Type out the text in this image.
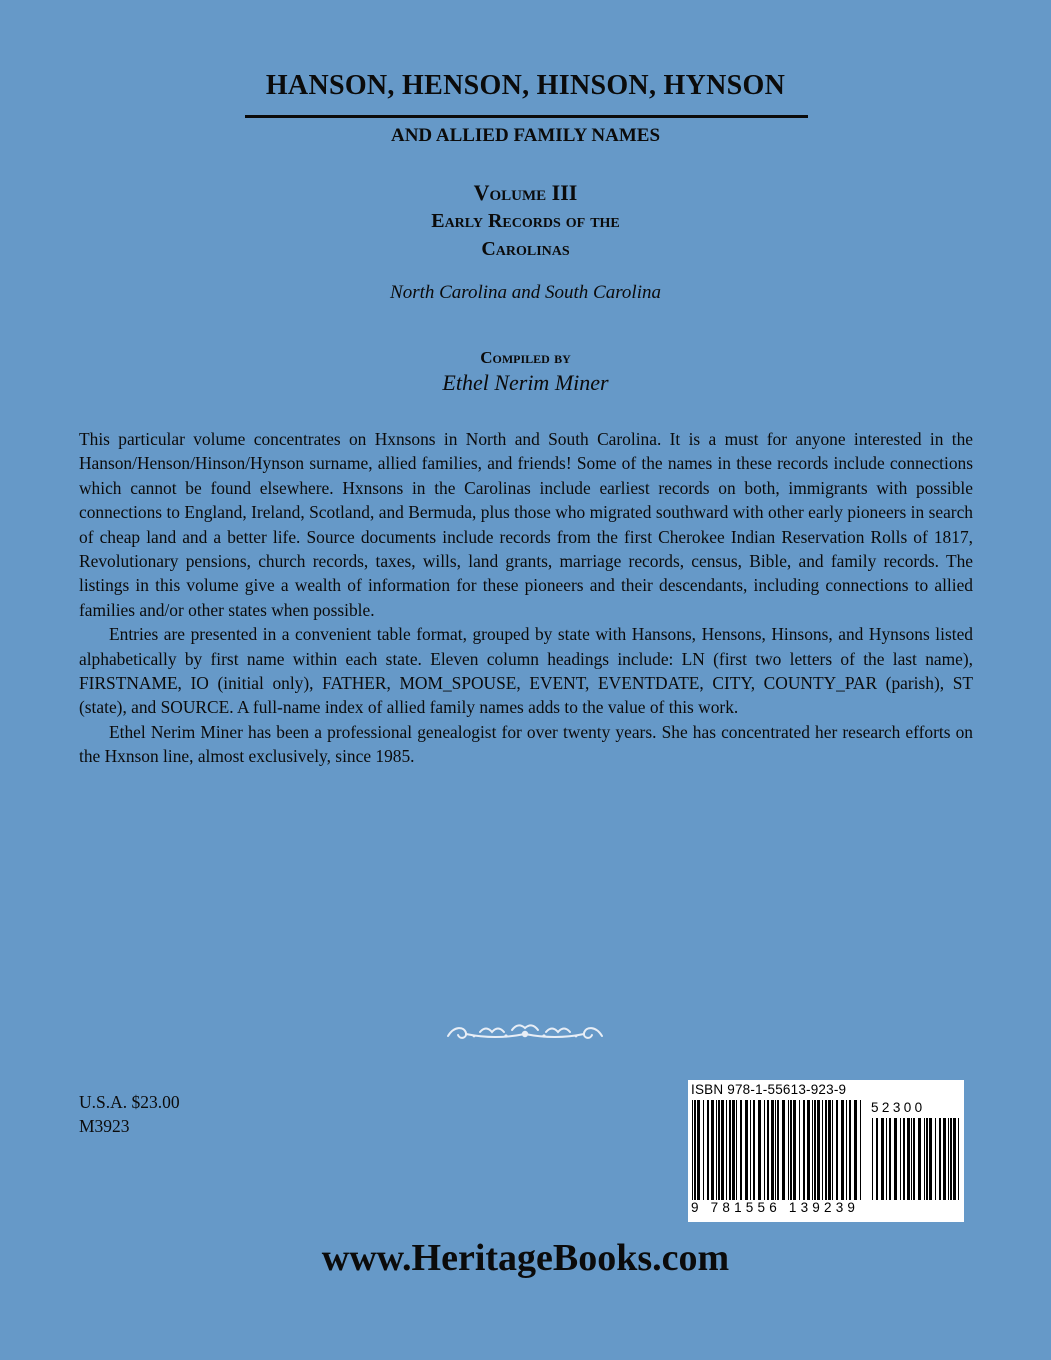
HANSON, HENSON, HINSON, HYNSON
AND ALLIED FAMILY NAMES
Volume III
Early Records of the
Carolinas
North Carolina and South Carolina
Compiled by
Ethel Nerim Miner

This particular volume concentrates on Hxnsons in North and South Carolina. It is a must for anyone interested in the Hanson/Henson/Hinson/Hynson surname, allied families, and friends! Some of the names in these records include connections which cannot be found elsewhere. Hxnsons in the Carolinas include earliest records on both, immigrants with possible connections to England, Ireland, Scotland, and Bermuda, plus those who migrated southward with other early pioneers in search of cheap land and a better life. Source documents include records from the first Cherokee Indian Reservation Rolls of 1817, Revolutionary pensions, church records, taxes, wills, land grants, marriage records, census, Bible, and family records. The listings in this volume give a wealth of information for these pioneers and their descendants, including connections to allied families and/or other states when possible.

Entries are presented in a convenient table format, grouped by state with Hansons, Hensons, Hinsons, and Hynsons listed alphabetically by first name within each state. Eleven column headings include: LN (first two letters of the last name), FIRSTNAME, IO (initial only), FATHER, MOM_SPOUSE, EVENT, EVENTDATE, CITY, COUNTY_PAR (parish), ST (state), and SOURCE. A full-name index of allied family names adds to the value of this work.

Ethel Nerim Miner has been a professional genealogist for over twenty years. She has concentrated her research efforts on the Hxnson line, almost exclusively, since 1985.

U.S.A. $23.00
M3923
ISBN 978-1-55613-923-9
52300
9 781556 139239
www.HeritageBooks.com
